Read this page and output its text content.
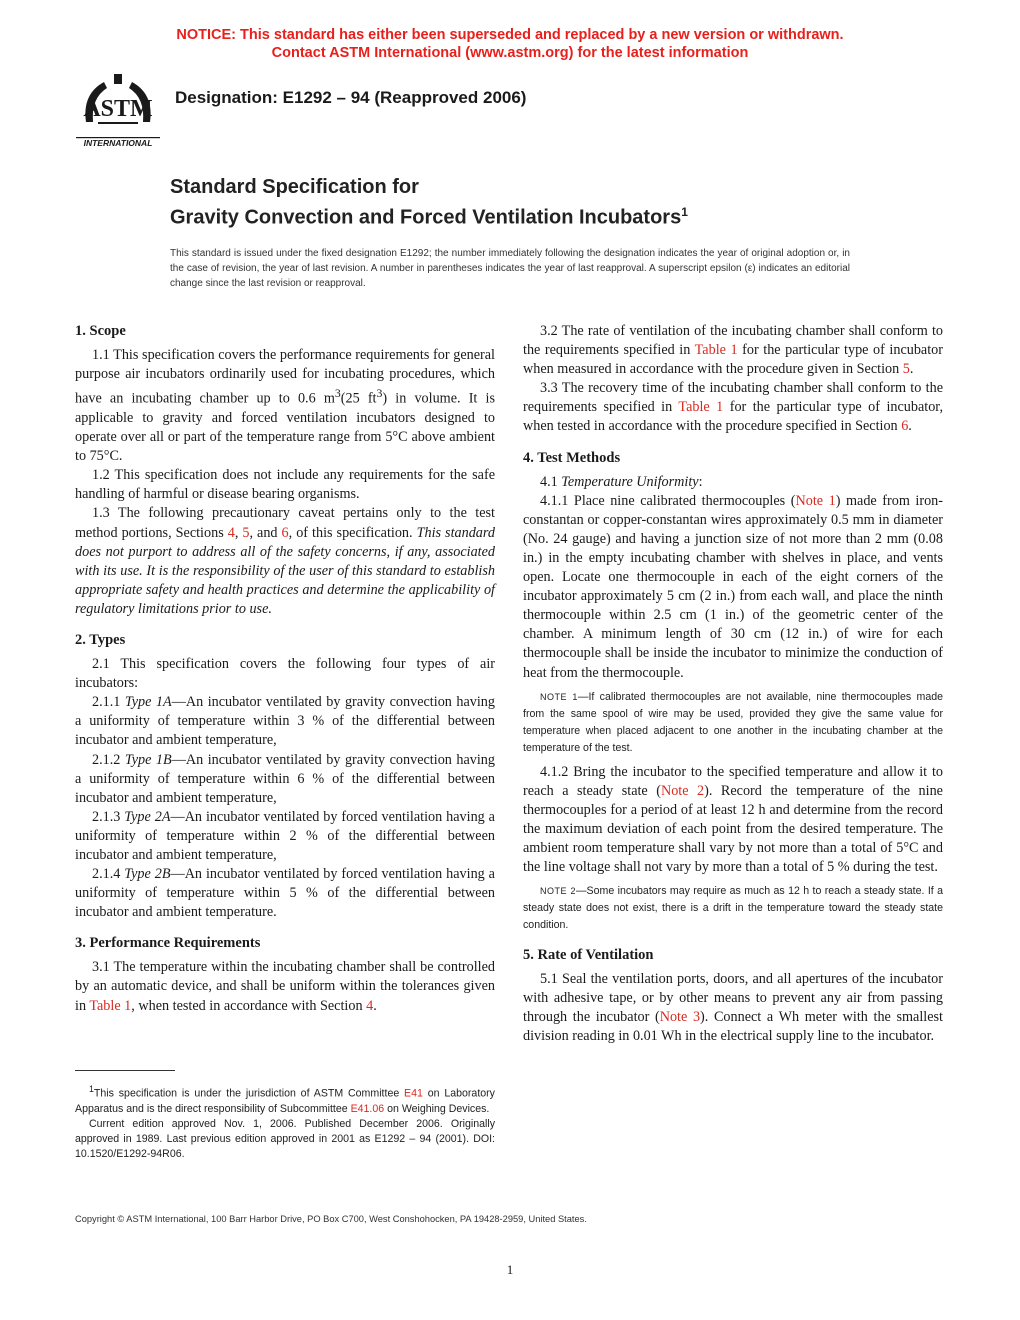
NOTICE: This standard has either been superseded and replaced by a new version or withdrawn.
Contact ASTM International (www.astm.org) for the latest information
ASTM
INTERNATIONAL
Designation: E1292 – 94 (Reapproved 2006)
Standard Specification for
Gravity Convection and Forced Ventilation Incubators$^1$
This standard is issued under the fixed designation E1292; the number immediately following the designation indicates the year of original adoption or, in the case of revision, the year of last revision. A number in parentheses indicates the year of last reapproval. A superscript epsilon (ε) indicates an editorial change since the last revision or reapproval.
1. Scope

1.1 This specification covers the performance requirements for general purpose air incubators ordinarily used for incubating procedures, which have an incubating chamber up to 0.6 $m^3(25$ $ft^3$) in volume. It is applicable to gravity and forced ventilation incubators designed to operate over all or part of the temperature range from 5°C above ambient to 75°C.

1.2 This specification does not include any requirements for the safe handling of harmful or disease bearing organisms.

1.3 The following precautionary caveat pertains only to the test method portions, Sections 4, 5, and 6, of this specification. This standard does not purport to address all of the safety concerns, if any, associated with its use. It is the responsibility of the user of this standard to establish appropriate safety and health practices and determine the applicability of regulatory limitations prior to use.

2. Types

2.1 This specification covers the following four types of air incubators:

2.1.1 Type 1A—An incubator ventilated by gravity convection having a uniformity of temperature within 3 % of the differential between incubator and ambient temperature,

2.1.2 Type 1B—An incubator ventilated by gravity convection having a uniformity of temperature within 6 % of the differential between incubator and ambient temperature,

2.1.3 Type 2A—An incubator ventilated by forced ventilation having a uniformity of temperature within 2 % of the differential between incubator and ambient temperature,

2.1.4 Type 2B—An incubator ventilated by forced ventilation having a uniformity of temperature within 5 % of the differential between incubator and ambient temperature.

3. Performance Requirements

3.1 The temperature within the incubating chamber shall be controlled by an automatic device, and shall be uniform within the tolerances given in Table 1, when tested in accordance with Section 4.

$^1$This specification is under the jurisdiction of ASTM Committee E41 on Laboratory Apparatus and is the direct responsibility of Subcommittee E41.06 on Weighing Devices.

Current edition approved Nov. 1, 2006. Published December 2006. Originally approved in 1989. Last previous edition approved in 2001 as E1292 – 94 (2001). DOI: 10.1520/E1292-94R06.

3.2 The rate of ventilation of the incubating chamber shall conform to the requirements specified in Table 1 for the particular type of incubator when measured in accordance with the procedure given in Section 5.

3.3 The recovery time of the incubating chamber shall conform to the requirements specified in Table 1 for the particular type of incubator, when tested in accordance with the procedure specified in Section 6.

4. Test Methods

4.1 Temperature Uniformity:

4.1.1 Place nine calibrated thermocouples (Note 1) made from iron-constantan or copper-constantan wires approximately 0.5 mm in diameter (No. 24 gauge) and having a junction size of not more than 2 mm (0.08 in.) in the empty incubating chamber with shelves in place, and vents open. Locate one thermocouple in each of the eight corners of the incubator approximately 5 cm (2 in.) from each wall, and place the ninth thermocouple within 2.5 cm (1 in.) of the geometric center of the chamber. A minimum length of 30 cm (12 in.) of wire for each thermocouple shall be inside the incubator to minimize the conduction of heat from the thermocouple.

NOTE 1—If calibrated thermocouples are not available, nine thermocouples made from the same spool of wire may be used, provided they give the same value for temperature when placed adjacent to one another in the incubating chamber at the temperature of the test.

4.1.2 Bring the incubator to the specified temperature and allow it to reach a steady state (Note 2). Record the temperature of the nine thermocouples for a period of at least 12 h and determine from the record the maximum deviation of each point from the desired temperature. The ambient room temperature shall vary by not more than a total of 5°C and the line voltage shall not vary by more than a total of 5 % during the test.

NOTE 2—Some incubators may require as much as 12 h to reach a steady state. If a steady state does not exist, there is a drift in the temperature toward the steady state condition.

5. Rate of Ventilation

5.1 Seal the ventilation ports, doors, and all apertures of the incubator with adhesive tape, or by other means to prevent any air from passing through the incubator (Note 3). Connect a Wh meter with the smallest division reading in 0.01 Wh in the electrical supply line to the incubator.

Copyright © ASTM International, 100 Barr Harbor Drive, PO Box C700, West Conshohocken, PA 19428-2959, United States.
1
